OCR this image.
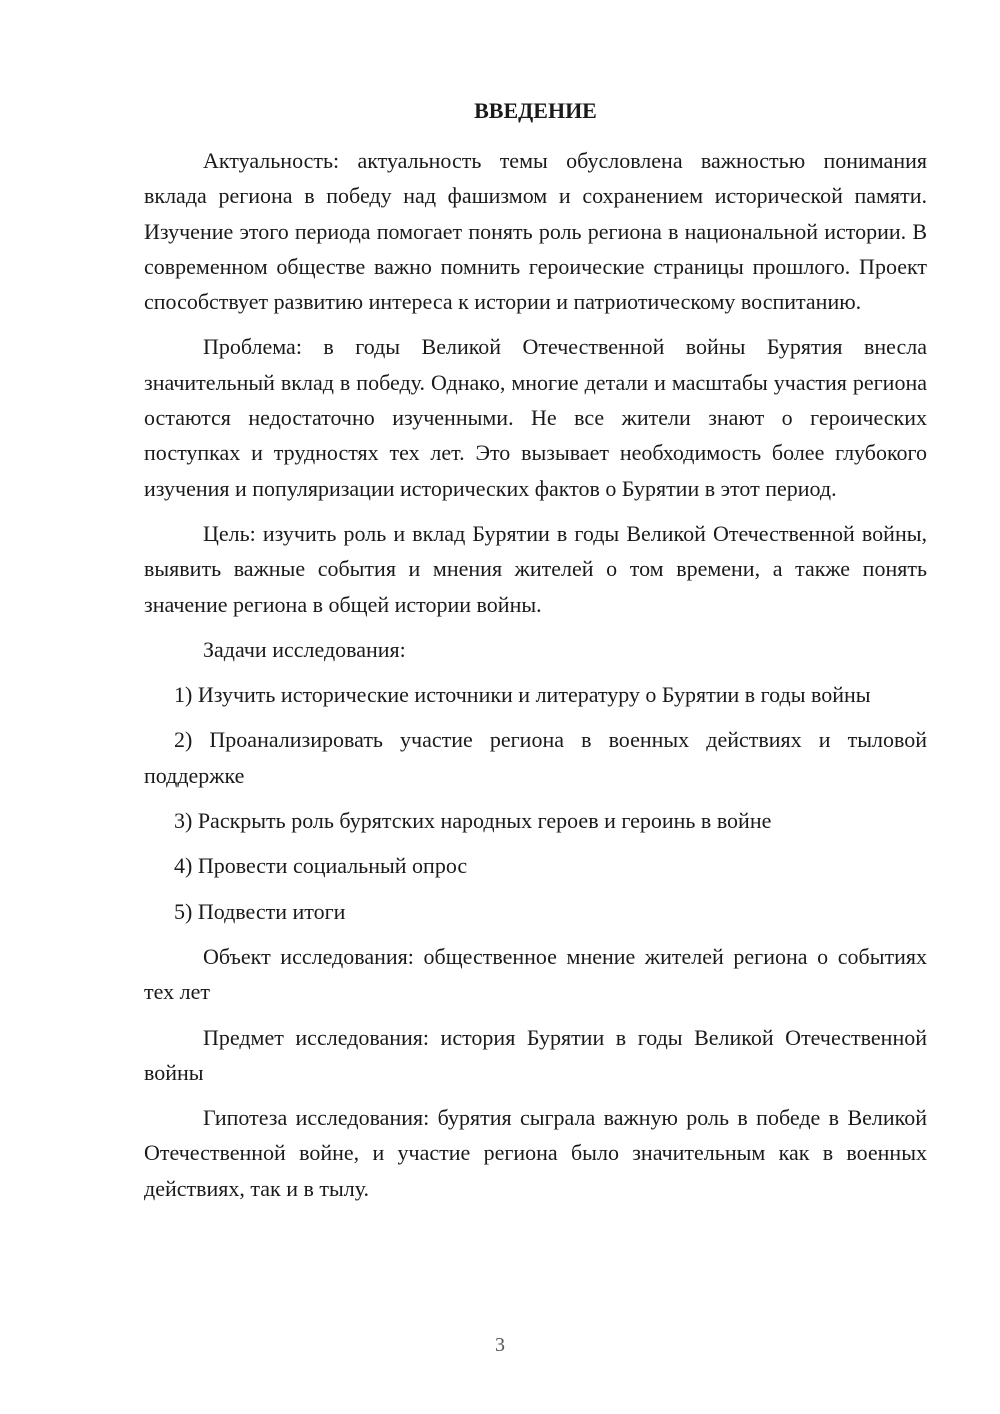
ВВЕДЕНИЕ

Актуальность: актуальность темы обусловлена важностью понимания вклада региона в победу над фашизмом и сохранением исторической памяти. Изучение этого периода помогает понять роль региона в национальной истории. В современном обществе важно помнить героические страницы прошлого. Проект способствует развитию интереса к истории и патриотическому воспитанию.

Проблема: в годы Великой Отечественной войны Бурятия внесла значительный вклад в победу. Однако, многие детали и масштабы участия региона остаются недостаточно изученными. Не все жители знают о героических поступках и трудностях тех лет. Это вызывает необходимость более глубокого изучения и популяризации исторических фактов о Бурятии в этот период.

Цель: изучить роль и вклад Бурятии в годы Великой Отечественной войны, выявить важные события и мнения жителей о том времени, а также понять значение региона в общей истории войны.

Задачи исследования:

1) Изучить исторические источники и литературу о Бурятии в годы войны

2) Проанализировать участие региона в военных действиях и тыловой поддержке

3) Раскрыть роль бурятских народных героев и героинь в войне

4) Провести социальный опрос

5) Подвести итоги

Объект исследования: общественное мнение жителей региона о событиях тех лет

Предмет исследования: история Бурятии в годы Великой Отечественной войны

Гипотеза исследования: бурятия сыграла важную роль в победе в Великой Отечественной войне, и участие региона было значительным как в военных действиях, так и в тылу.

3
